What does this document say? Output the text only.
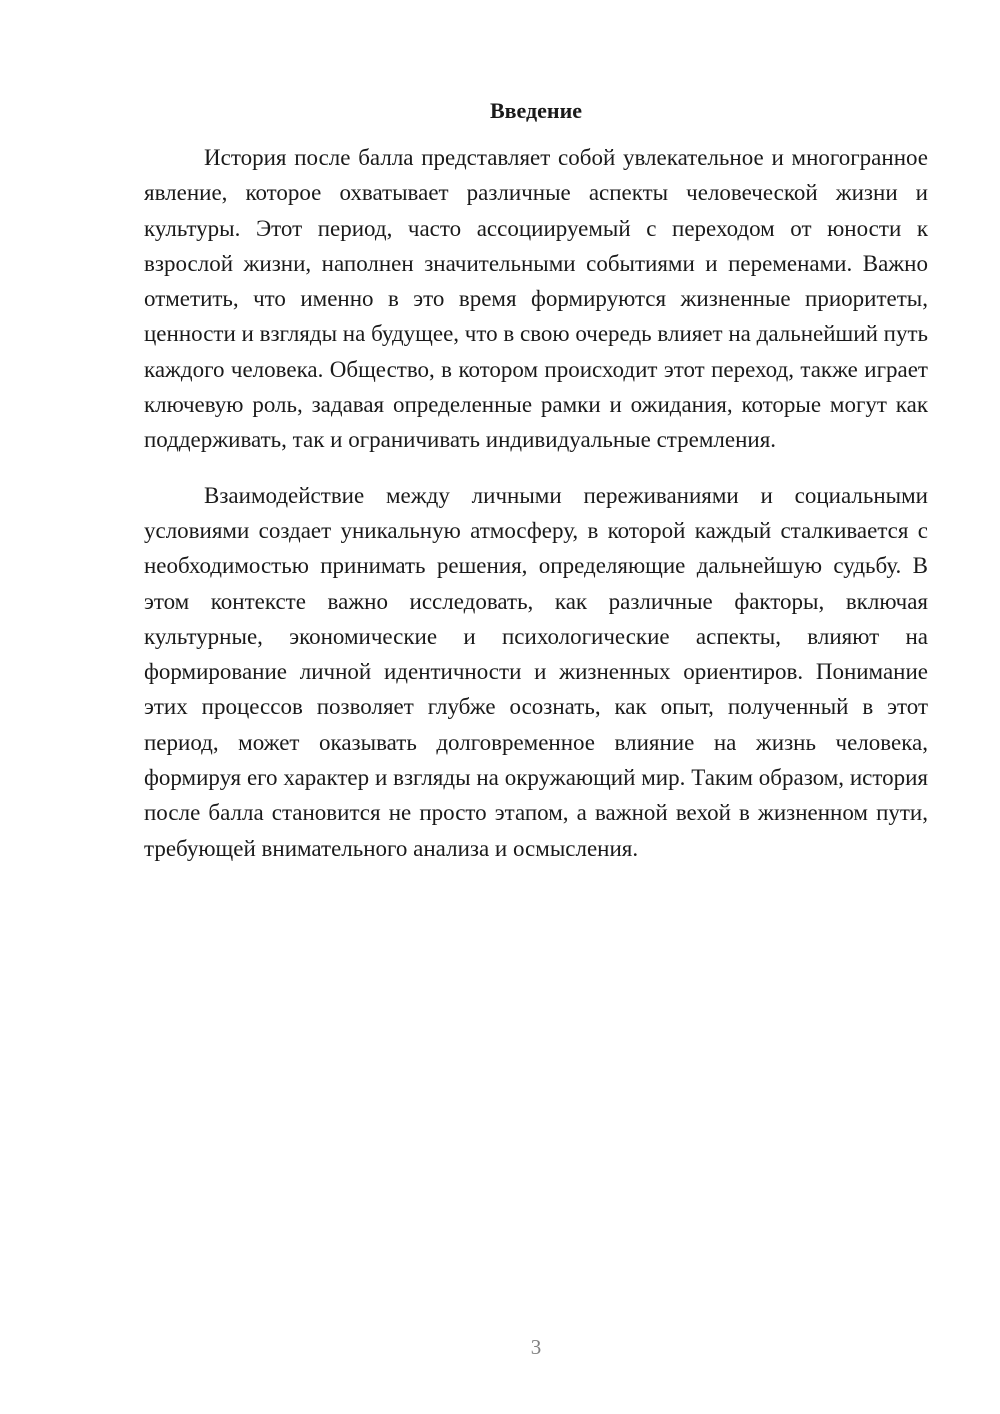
Введение

История после балла представляет собой увлекательное и многогранное явление, которое охватывает различные аспекты человеческой жизни и культуры. Этот период, часто ассоциируемый с переходом от юности к взрослой жизни, наполнен значительными событиями и переменами. Важно отметить, что именно в это время формируются жизненные приоритеты, ценности и взгляды на будущее, что в свою очередь влияет на дальнейший путь каждого человека. Общество, в котором происходит этот переход, также играет ключевую роль, задавая определенные рамки и ожидания, которые могут как поддерживать, так и ограничивать индивидуальные стремления.

Взаимодействие между личными переживаниями и социальными условиями создает уникальную атмосферу, в которой каждый сталкивается с необходимостью принимать решения, определяющие дальнейшую судьбу. В этом контексте важно исследовать, как различные факторы, включая культурные, экономические и психологические аспекты, влияют на формирование личной идентичности и жизненных ориентиров. Понимание этих процессов позволяет глубже осознать, как опыт, полученный в этот период, может оказывать долговременное влияние на жизнь человека, формируя его характер и взгляды на окружающий мир. Таким образом, история после балла становится не просто этапом, а важной вехой в жизненном пути, требующей внимательного анализа и осмысления.

3
